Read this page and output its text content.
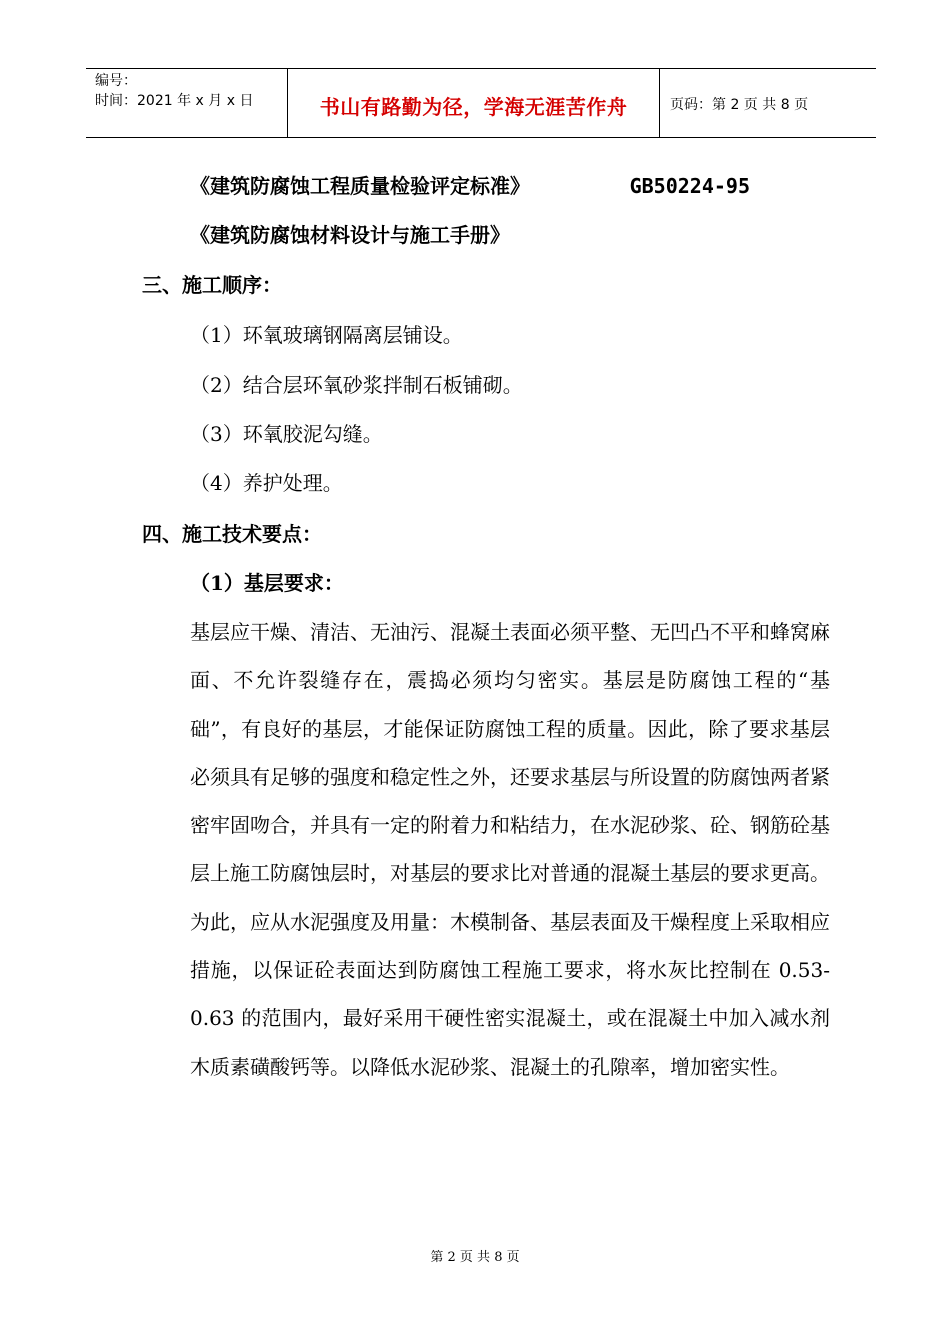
编号：
时间：2021 年 x 月 x 日	书山有路勤为径，学海无涯苦作舟	页码：第 2 页 共 8 页
《建筑防腐蚀工程质量检验评定标准》	GB50224-95
《建筑防腐蚀材料设计与施工手册》
三、施工顺序：
（1）环氧玻璃钢隔离层铺设。
（2）结合层环氧砂浆拌制石板铺砌。
（3）环氧胶泥勾缝。
（4）养护处理。
四、施工技术要点：
（1）基层要求：
基层应干燥、清洁、无油污、混凝土表面必须平整、无凹凸不平和蜂窝麻面、不允许裂缝存在，震捣必须均匀密实。基层是防腐蚀工程的“基础”，有良好的基层，才能保证防腐蚀工程的质量。因此，除了要求基层必须具有足够的强度和稳定性之外，还要求基层与所设置的防腐蚀两者紧密牢固吻合，并具有一定的附着力和粘结力，在水泥砂浆、砼、钢筋砼基层上施工防腐蚀层时，对基层的要求比对普通的混凝土基层的要求更高。为此，应从水泥强度及用量：木模制备、基层表面及干燥程度上采取相应措施，以保证砼表面达到防腐蚀工程施工要求，将水灰比控制在 0.53-0.63 的范围内，最好采用干硬性密实混凝土，或在混凝土中加入减水剂木质素磺酸钙等。以降低水泥砂浆、混凝土的孔隙率，增加密实性。
第 2 页 共 8 页
